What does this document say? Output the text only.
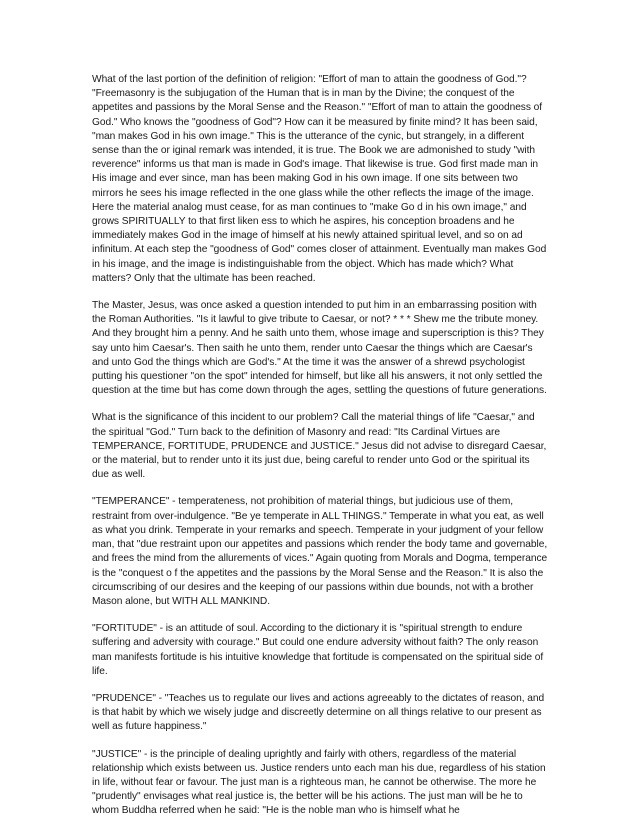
What of the last portion of the definition of religion: "Effort of man to attain the goodness of God."? "Freemasonry is the subjugation of the Human that is in man by the Divine; the conquest of the appetites and passions by the Moral Sense and the Reason." "Effort of man to attain the goodness of God." Who knows the "goodness of God"? How can it be measured by finite mind? It has been said, "man makes God in his own image." This is the utterance of the cynic, but strangely, in a different sense than the or iginal remark was intended, it is true. The Book we are admonished to study "with reverence" informs us that man is made in God's image. That likewise is true. God first made man in His image and ever since, man has been making God in his own image. If one sits between two mirrors he sees his image reflected in the one glass while the other reflects the image of the image. Here the material analog must cease, for as man continues to "make Go d in his own image," and grows SPIRITUALLY to that first liken ess to which he aspires, his conception broadens and he immediately makes God in the image of himself at his newly attained spiritual level, and so on ad infinitum. At each step the "goodness of God" comes closer of attainment. Eventually man makes God in his image, and the image is indistinguishable from the object. Which has made which? What matters? Only that the ultimate has been reached.

The Master, Jesus, was once asked a question intended to put him in an embarrassing position with the Roman Authorities. "Is it lawful to give tribute to Caesar, or not? * * * Shew me the tribute money. And they brought him a penny. And he saith unto them, whose image and superscription is this? They say unto him Caesar's. Then saith he unto them, render unto Caesar the things which are Caesar's and unto God the things which are God's." At the time it was the answer of a shrewd psychologist putting his questioner "on the spot" intended for himself, but like all his answers, it not only settled the question at the time but has come down through the ages, settling the questions of future generations.

What is the significance of this incident to our problem? Call the material things of life "Caesar," and the spiritual "God." Turn back to the definition of Masonry and read: "Its Cardinal Virtues are TEMPERANCE, FORTITUDE, PRUDENCE and JUSTICE." Jesus did not advise to disregard Caesar, or the material, but to render unto it its just due, being careful to render unto God or the spiritual its due as well.

"TEMPERANCE" - temperateness, not prohibition of material things, but judicious use of them, restraint from over-indulgence. "Be ye temperate in ALL THINGS." Temperate in what you eat, as well as what you drink. Temperate in your remarks and speech. Temperate in your judgment of your fellow man, that "due restraint upon our appetites and passions which render the body tame and governable, and frees the mind from the allurements of vices." Again quoting from Morals and Dogma, temperance is the "conquest o f the appetites and the passions by the Moral Sense and the Reason." It is also the circumscribing of our desires and the keeping of our passions within due bounds, not with a brother Mason alone, but WITH ALL MANKIND.

"FORTITUDE" - is an attitude of soul. According to the dictionary it is "spiritual strength to endure suffering and adversity with courage." But could one endure adversity without faith? The only reason man manifests fortitude is his intuitive knowledge that fortitude is compensated on the spiritual side of life.

"PRUDENCE" - "Teaches us to regulate our lives and actions agreeably to the dictates of reason, and is that habit by which we wisely judge and discreetly determine on all things relative to our present as well as future happiness."

"JUSTICE" - is the principle of dealing uprightly and fairly with others, regardless of the material relationship which exists between us. Justice renders unto each man his due, regardless of his station in life, without fear or favour. The just man is a righteous man, he cannot be otherwise. The more he "prudently" envisages what real justice is, the better will be his actions. The just man will be he to whom Buddha referred when he said: "He is the noble man who is himself what he
